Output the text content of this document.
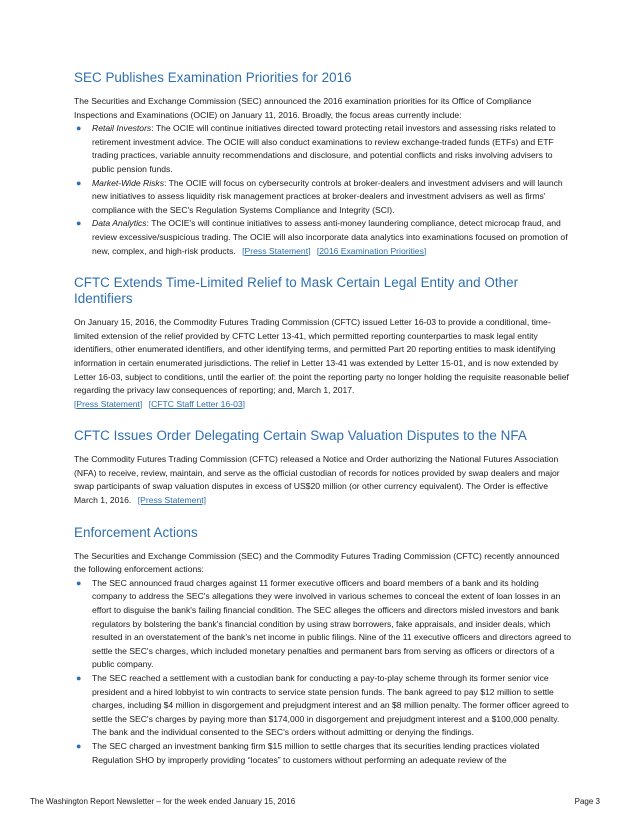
SEC Publishes Examination Priorities for 2016

The Securities and Exchange Commission (SEC) announced the 2016 examination priorities for its Office of Compliance Inspections and Examinations (OCIE) on January 11, 2016. Broadly, the focus areas currently include:

● Retail Investors: The OCIE will continue initiatives directed toward protecting retail investors and assessing risks related to retirement investment advice. The OCIE will also conduct examinations to review exchange-traded funds (ETFs) and ETF trading practices, variable annuity recommendations and disclosure, and potential conflicts and risks involving advisers to public pension funds.
● Market-Wide Risks: The OCIE will focus on cybersecurity controls at broker-dealers and investment advisers and will launch new initiatives to assess liquidity risk management practices at broker-dealers and investment advisers as well as firms' compliance with the SEC's Regulation Systems Compliance and Integrity (SCI).
● Data Analytics: The OCIE's will continue initiatives to assess anti-money laundering compliance, detect microcap fraud, and review excessive/suspicious trading. The OCIE will also incorporate data analytics into examinations focused on promotion of new, complex, and high-risk products. [Press Statement] [2016 Examination Priorities]
CFTC Extends Time-Limited Relief to Mask Certain Legal Entity and Other Identifiers

On January 15, 2016, the Commodity Futures Trading Commission (CFTC) issued Letter 16-03 to provide a conditional, time-limited extension of the relief provided by CFTC Letter 13-41, which permitted reporting counterparties to mask legal entity identifiers, other enumerated identifiers, and other identifying terms, and permitted Part 20 reporting entities to mask identifying information in certain enumerated jurisdictions. The relief in Letter 13-41 was extended by Letter 15-01, and is now extended by Letter 16-03, subject to conditions, until the earlier of: the point the reporting party no longer holding the requisite reasonable belief regarding the privacy law consequences of reporting; and, March 1, 2017.
[Press Statement] [CFTC Staff Letter 16-03]

CFTC Issues Order Delegating Certain Swap Valuation Disputes to the NFA

The Commodity Futures Trading Commission (CFTC) released a Notice and Order authorizing the National Futures Association (NFA) to receive, review, maintain, and serve as the official custodian of records for notices provided by swap dealers and major swap participants of swap valuation disputes in excess of US$20 million (or other currency equivalent). The Order is effective March 1, 2016. [Press Statement]

Enforcement Actions

The Securities and Exchange Commission (SEC) and the Commodity Futures Trading Commission (CFTC) recently announced the following enforcement actions:

● The SEC announced fraud charges against 11 former executive officers and board members of a bank and its holding company to address the SEC's allegations they were involved in various schemes to conceal the extent of loan losses in an effort to disguise the bank's failing financial condition. The SEC alleges the officers and directors misled investors and bank regulators by bolstering the bank's financial condition by using straw borrowers, fake appraisals, and insider deals, which resulted in an overstatement of the bank's net income in public filings. Nine of the 11 executive officers and directors agreed to settle the SEC's charges, which included monetary penalties and permanent bars from serving as officers or directors of a public company.
● The SEC reached a settlement with a custodian bank for conducting a pay-to-play scheme through its former senior vice president and a hired lobbyist to win contracts to service state pension funds. The bank agreed to pay $12 million to settle charges, including $4 million in disgorgement and prejudgment interest and an $8 million penalty. The former officer agreed to settle the SEC's charges by paying more than $174,000 in disgorgement and prejudgment interest and a $100,000 penalty. The bank and the individual consented to the SEC's orders without admitting or denying the findings.
● The SEC charged an investment banking firm $15 million to settle charges that its securities lending practices violated Regulation SHO by improperly providing “locates” to customers without performing an adequate review of the
The Washington Report Newsletter – for the week ended January 15, 2016	Page 3
